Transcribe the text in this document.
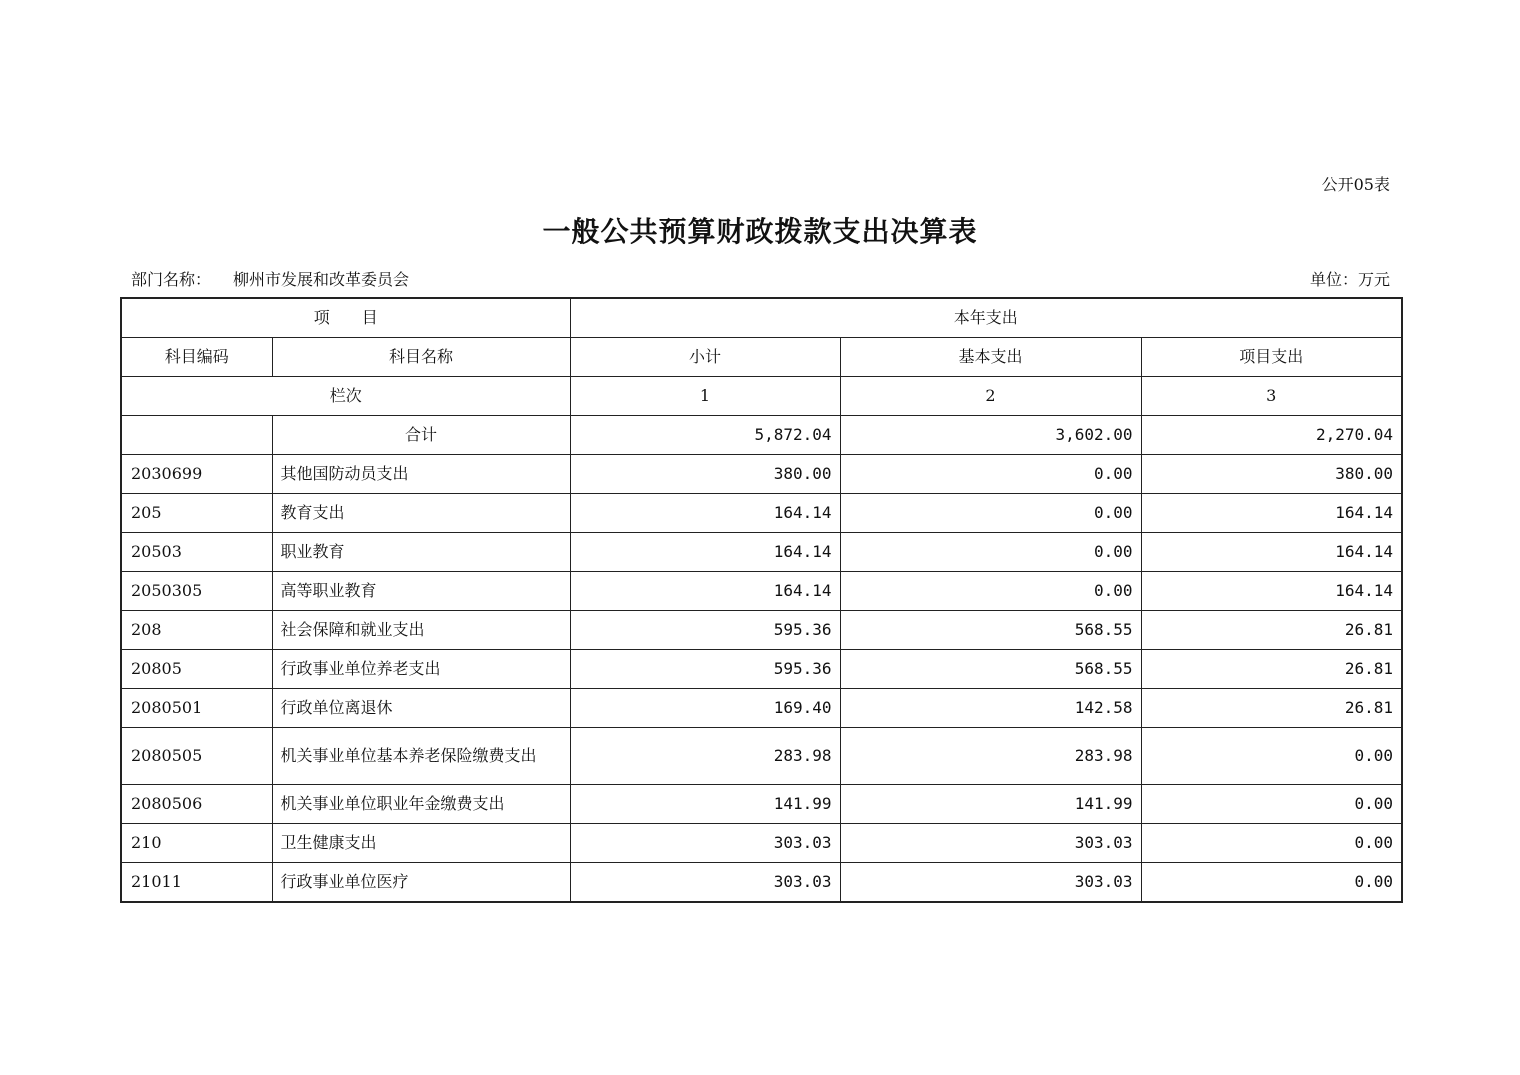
公开05表
一般公共预算财政拨款支出决算表
部门名称： 柳州市发展和改革委员会	单位：万元
项　　目		本年支出		
科目编码	科目名称	小计	基本支出	项目支出
栏次		1	2	3
	合计	5,872.04	3,602.00	2,270.04
2030699	其他国防动员支出	380.00	0.00	380.00
205	教育支出	164.14	0.00	164.14
20503	职业教育	164.14	0.00	164.14
2050305	高等职业教育	164.14	0.00	164.14
208	社会保障和就业支出	595.36	568.55	26.81
20805	行政事业单位养老支出	595.36	568.55	26.81
2080501	行政单位离退休	169.40	142.58	26.81
2080505	机关事业单位基本养老保险缴费支出	283.98	283.98	0.00
2080506	机关事业单位职业年金缴费支出	141.99	141.99	0.00
210	卫生健康支出	303.03	303.03	0.00
21011	行政事业单位医疗	303.03	303.03	0.00
